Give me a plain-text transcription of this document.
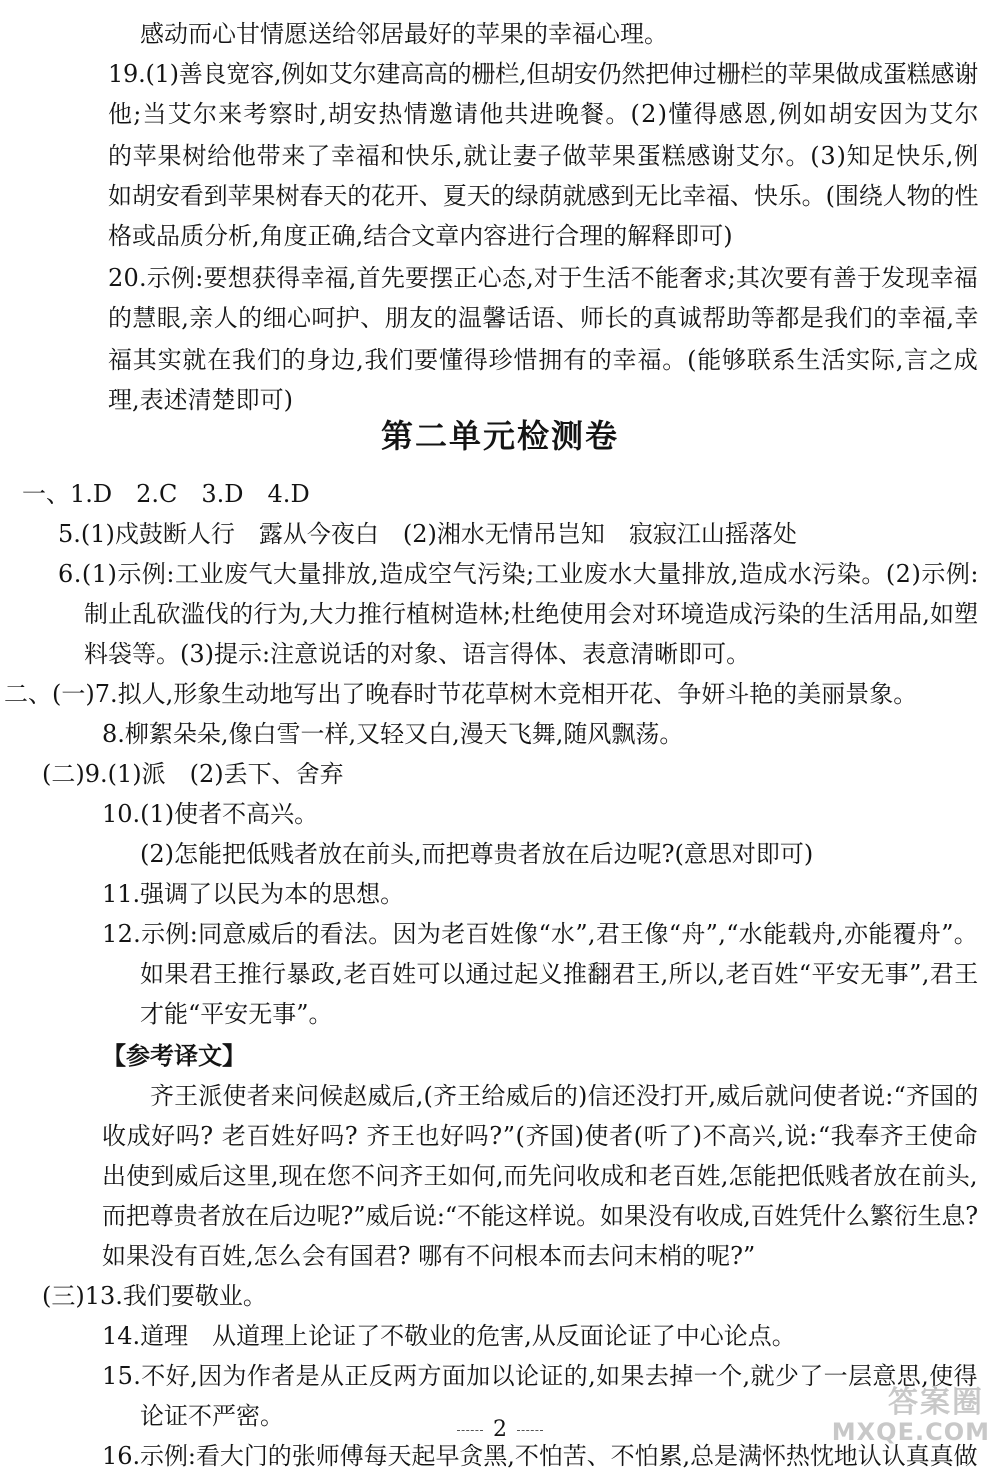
感动而心甘情愿送给邻居最好的苹果的幸福心理。
19.(1)善良宽容,例如艾尔建高高的栅栏,但胡安仍然把伸过栅栏的苹果做成蛋糕感谢
他;当艾尔来考察时,胡安热情邀请他共进晚餐。(2)懂得感恩,例如胡安因为艾尔
的苹果树给他带来了幸福和快乐,就让妻子做苹果蛋糕感谢艾尔。(3)知足快乐,例
如胡安看到苹果树春天的花开、夏天的绿荫就感到无比幸福、快乐。(围绕人物的性
格或品质分析,角度正确,结合文章内容进行合理的解释即可)
20.示例:要想获得幸福,首先要摆正心态,对于生活不能奢求;其次要有善于发现幸福
的慧眼,亲人的细心呵护、朋友的温馨话语、师长的真诚帮助等都是我们的幸福,幸
福其实就在我们的身边,我们要懂得珍惜拥有的幸福。(能够联系生活实际,言之成
理,表述清楚即可)
一、1.D　2.C　3.D　4.D
5.(1)戍鼓断人行　露从今夜白　(2)湘水无情吊岂知　寂寂江山摇落处
6.(1)示例:工业废气大量排放,造成空气污染;工业废水大量排放,造成水污染。(2)示例:
制止乱砍滥伐的行为,大力推行植树造林;杜绝使用会对环境造成污染的生活用品,如塑
料袋等。(3)提示:注意说话的对象、语言得体、表意清晰即可。
二、(一)7.拟人,形象生动地写出了晚春时节花草树木竞相开花、争妍斗艳的美丽景象。
8.柳絮朵朵,像白雪一样,又轻又白,漫天飞舞,随风飘荡。
(二)9.(1)派　(2)丢下、舍弃
10.(1)使者不高兴。
(2)怎能把低贱者放在前头,而把尊贵者放在后边呢?(意思对即可)
11.强调了以民为本的思想。
12.示例:同意威后的看法。因为老百姓像“水”,君王像“舟”,“水能载舟,亦能覆舟”。
如果君王推行暴政,老百姓可以通过起义推翻君王,所以,老百姓“平安无事”,君王
才能“平安无事”。
【参考译文】
齐王派使者来问候赵威后,(齐王给威后的)信还没打开,威后就问使者说:“齐国的
收成好吗? 老百姓好吗? 齐王也好吗?”(齐国)使者(听了)不高兴,说:“我奉齐王使命
出使到威后这里,现在您不问齐王如何,而先问收成和老百姓,怎能把低贱者放在前头,
而把尊贵者放在后边呢?”威后说:“不能这样说。如果没有收成,百姓凭什么繁衍生息?
如果没有百姓,怎么会有国君? 哪有不问根本而去问末梢的呢?”
(三)13.我们要敬业。
14.道理　从道理上论证了不敬业的危害,从反面论证了中心论点。
15.不好,因为作者是从正反两方面加以论证的,如果去掉一个,就少了一层意思,使得
论证不严密。
16.示例:看大门的张师傅每天起早贪黑,不怕苦、不怕累,总是满怀热忱地认认真真做
第二单元检测卷
2
答案圈
MXQE.COM
